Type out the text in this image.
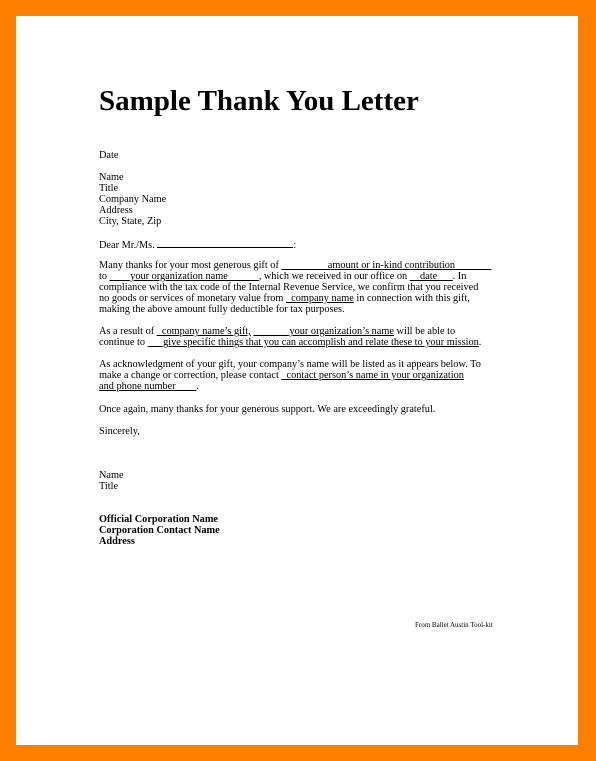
Sample Thank You Letter
Date
Name
Title
Company Name
Address
City, State, Zip
Dear Mr./Ms.	:
Many thanks for your most generous gift of _________amount or in-kind contribution_______
to ____your organization name______, which we received in our office on __date___. In
compliance with the tax code of the Internal Revenue Service, we confirm that you received
no goods or services of monetary value from _company name in connection with this gift,
making the above amount fully deductible for tax purposes.
As a result of _company name’s gift, _______your organization’s name will be able to
continue to ___give specific things that you can accomplish and relate these to your mission.
As acknowledgment of your gift, your company’s name will be listed as it appears below. To
make a change or correction, please contact _contact person’s name in your organization
and phone number____.
Once again, many thanks for your generous support. We are exceedingly grateful.
Sincerely,
Name
Title
Official Corporation Name
Corporation Contact Name
Address
From Ballet Austin Tool-kit
